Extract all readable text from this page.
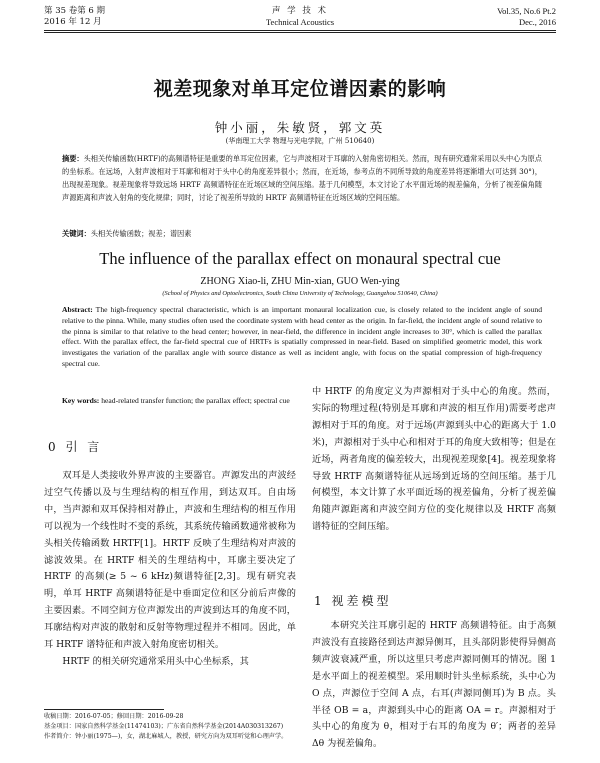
第 35 卷第 6 期
2016 年 12 月
声 学 技 术
Technical Acoustics
Vol.35, No.6 Pt.2
Dec., 2016
视差现象对单耳定位谱因素的影响
钟小丽，朱敏贤，郭文英
(华南理工大学 物理与光电学院，广州 510640)
摘要：头相关传输函数(HRTF)的高频谱特征是重要的单耳定位因素，它与声波相对于耳廓的入射角密切相关。然而，现有研究通常采用以头中心为原点的坐标系。在远场，入射声波相对于耳廓和相对于头中心的角度差异很小；然而，在近场，参考点的不同所导致的角度差异将逐渐增大(可达到 30°)，出现视差现象。视差现象将导致远场 HRTF 高频谱特征在近场区域的空间压缩。基于几何模型，本文讨论了水平面近场的视差偏角，分析了视差偏角随声源距离和声波入射角的变化规律；同时，讨论了视差所导致的 HRTF 高频谱特征在近场区域的空间压缩。
关键词：头相关传输函数；视差；谱因素
The influence of the parallax effect on monaural spectral cue
ZHONG Xiao-li, ZHU Min-xian, GUO Wen-ying
(School of Physics and Optoelectronics, South China University of Technology, Guangzhou 510640, China)
Abstract: The high-frequency spectral characteristic, which is an important monaural localization cue, is closely related to the incident angle of sound relative to the pinna. While, many studies often used the coordinate system with head center as the origin. In far-field, the incident angle of sound relative to the pinna is similar to that relative to the head center; however, in near-field, the difference in incident angle increases to 30°, which is called the parallax effect. With the parallax effect, the far-field spectral cue of HRTFs is spatially compressed in near-field. Based on simplified geometric model, this work investigates the variation of the parallax angle with source distance as well as incident angle, with focus on the spatial compression of high-frequency spectral cue.
Key words: head-related transfer function; the parallax effect; spectral cue
0 引 言
双耳是人类接收外界声波的主要器官。声源发出的声波经过空气传播以及与生理结构的相互作用，到达双耳。自由场中，当声源和双耳保持相对静止，声波和生理结构的相互作用可以视为一个线性时不变的系统，其系统传输函数通常被称为头相关传输函数 HRTF[1]。HRTF 反映了生理结构对声波的滤波效果。在 HRTF 相关的生理结构中，耳廓主要决定了 HRTF 的高频(≥ 5 ~ 6 kHz)频谱特征[2,3]。现有研究表明，单耳 HRTF 高频谱特征是中垂面定位和区分前后声像的主要因素。不同空间方位声源发出的声波到达耳的角度不同，耳廓结构对声波的散射和反射等物理过程并不相同。因此，单耳 HRTF 谱特征和声波入射角度密切相关。
HRTF 的相关研究通常采用头中心坐标系，其
中 HRTF 的角度定义为声源相对于头中心的角度。然而，实际的物理过程(特别是耳廓和声波的相互作用)需要考虑声源相对于耳的角度。对于远场(声源到头中心的距离大于 1.0 米)，声源相对于头中心和相对于耳的角度大致相等；但是在近场，两者角度的偏差较大，出现视差现象[4]。视差现象将导致 HRTF 高频谱特征从远场到近场的空间压缩。基于几何模型，本文计算了水平面近场的视差偏角，分析了视差偏角随声源距离和声波空间方位的变化规律以及 HRTF 高频谱特征的空间压缩。
1 视差模型
本研究关注耳廓引起的 HRTF 高频谱特征。由于高频声波没有直接路径到达声源异侧耳，且头部阴影使得异侧高频声波衰减严重，所以这里只考虑声源同侧耳的情况。图 1 是水平面上的视差模型。采用顺时针头坐标系统，头中心为 O 点，声源位于空间 A 点，右耳(声源同侧耳)为 B 点。头半径 OB = a，声源到头中心的距离 OA = r。声源相对于头中心的角度为 θ，相对于右耳的角度为 θ′；两者的差异 Δθ 为视差偏角。
收稿日期：2016-07-05；修回日期：2016-09-28
基金项目：国家自然科学基金(11474103)；广东省自然科学基金(2014A030313267)
作者简介：钟小丽(1975—)，女，湖北麻城人，教授，研究方向为双耳听觉和心理声学。
